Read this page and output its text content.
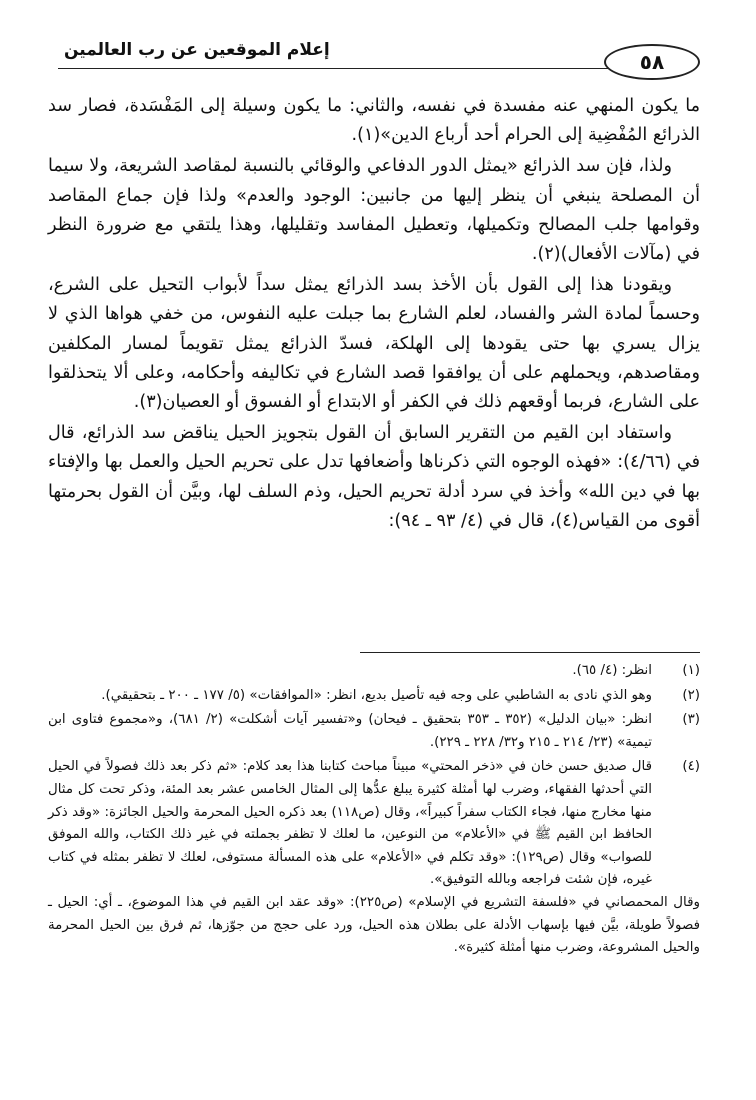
إعلام الموقعين عن رب العالمين	٥٨

ما يكون المنهي عنه مفسدة في نفسه، والثاني: ما يكون وسيلة إلى المَفْسَدة، فصار سد الذرائع المُفْضِية إلى الحرام أحد أرباع الدين»(١).

ولذا، فإن سد الذرائع «يمثل الدور الدفاعي والوقائي بالنسبة لمقاصد الشريعة، ولا سيما أن المصلحة ينبغي أن ينظر إليها من جانبين: الوجود والعدم» ولذا فإن جماع المقاصد وقوامها جلب المصالح وتكميلها، وتعطيل المفاسد وتقليلها، وهذا يلتقي مع ضرورة النظر في (مآلات الأفعال)(٢).

ويقودنا هذا إلى القول بأن الأخذ بسد الذرائع يمثل سداً لأبواب التحيل على الشرع، وحسماً لمادة الشر والفساد، لعلم الشارع بما جبلت عليه النفوس، من خفي هواها الذي لا يزال يسري بها حتى يقودها إلى الهلكة، فسدّ الذرائع يمثل تقويماً لمسار المكلفين ومقاصدهم، ويحملهم على أن يوافقوا قصد الشارع في تكاليفه وأحكامه، وعلى ألا يتحذلقوا على الشارع، فربما أوقعهم ذلك في الكفر أو الابتداع أو الفسوق أو العصيان(٣).

واستفاد ابن القيم من التقرير السابق أن القول بتجويز الحيل يناقض سد الذرائع، قال في (٤/٦٦): «فهذه الوجوه التي ذكرناها وأضعافها تدل على تحريم الحيل والعمل بها والإفتاء بها في دين الله» وأخذ في سرد أدلة تحريم الحيل، وذم السلف لها، وبيَّن أن القول بحرمتها أقوى من القياس(٤)، قال في (٤/ ٩٣ ـ ٩٤):

(١)
انظر: (٤/ ٦٥).
(٢)
وهو الذي نادى به الشاطبي على وجه فيه تأصيل بديع، انظر: «الموافقات» (٥/ ١٧٧ ـ ٢٠٠ ـ بتحقيقي).
(٣)
انظر: «بيان الدليل» (٣٥٢ ـ ٣٥٣ بتحقيق ـ فيحان) و«تفسير آيات أشكلت» (٢/ ٦٨١)، و«مجموع فتاوى ابن تيمية» (٢٣/ ٢١٤ ـ ٢١٥ و٣٢/ ٢٢٨ ـ ٢٢٩).
(٤)
قال صديق حسن خان في «ذخر المحتي» مبيناً مباحث كتابنا هذا بعد كلام: «ثم ذكر بعد ذلك فصولاً في الحيل التي أحدثها الفقهاء، وضرب لها أمثلة كثيرة يبلغ عدُّها إلى المثال الخامس عشر بعد المئة، وذكر تحت كل مثال منها مخارج منها، فجاء الكتاب سفراً كبيراً»، وقال (ص١١٨) بعد ذكره الحيل المحرمة والحيل الجائزة: «وقد ذكر الحافظ ابن القيم ﷺ في «الأعلام» من النوعين، ما لعلك لا تظفر بجملته في غير ذلك الكتاب، والله الموفق للصواب» وقال (ص١٢٩): «وقد تكلم في «الأعلام» على هذه المسألة مستوفى، لعلك لا تظفر بمثله في كتاب غيره، فإن شئت فراجعه وبالله التوفيق».
وقال المحمصاني في «فلسفة التشريع في الإسلام» (ص٢٢٥): «وقد عقد ابن القيم في هذا الموضوع، ـ أي: الحيل ـ فصولاً طويلة، بيَّن فيها بإسهاب الأدلة على بطلان هذه الحيل، ورد على حجج من جوّزها، ثم فرق بين الحيل المحرمة والحيل المشروعة، وضرب منها أمثلة كثيرة».
